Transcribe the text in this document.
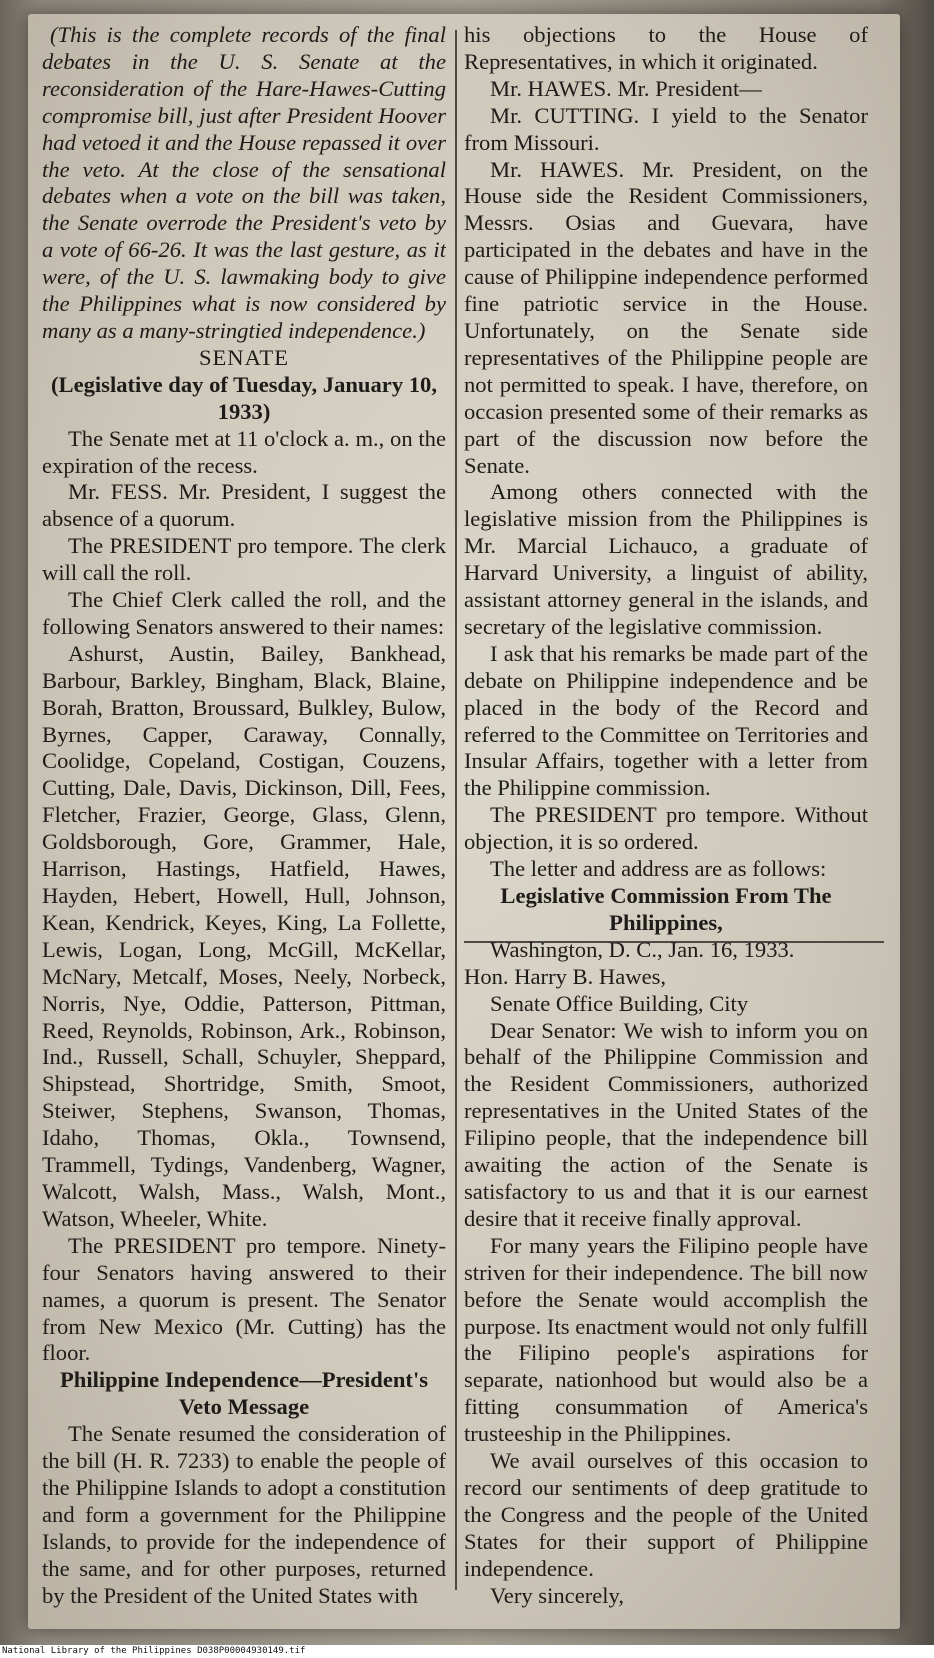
(This is the complete records of the final debates in the U. S. Senate at the reconsideration of the Hare-Hawes-Cutting compromise bill, just after President Hoover had vetoed it and the House repassed it over the veto. At the close of the sensational debates when a vote on the bill was taken, the Senate overrode the President's veto by a vote of 66-26. It was the last gesture, as it were, of the U. S. lawmaking body to give the Philippines what is now considered by many as a many-stringtied independence.)

SENATE

(Legislative day of Tuesday, January 10, 1933)

The Senate met at 11 o'clock a. m., on the expiration of the recess.

Mr. FESS. Mr. President, I suggest the absence of a quorum.

The PRESIDENT pro tempore. The clerk will call the roll.

The Chief Clerk called the roll, and the following Senators answered to their names:

Ashurst, Austin, Bailey, Bankhead, Barbour, Barkley, Bingham, Black, Blaine, Borah, Bratton, Broussard, Bulkley, Bulow, Byrnes, Capper, Caraway, Connally, Coolidge, Copeland, Costigan, Couzens, Cutting, Dale, Davis, Dickinson, Dill, Fees, Fletcher, Frazier, George, Glass, Glenn, Goldsborough, Gore, Grammer, Hale, Harrison, Hastings, Hatfield, Hawes, Hayden, Hebert, Howell, Hull, Johnson, Kean, Kendrick, Keyes, King, La Follette, Lewis, Logan, Long, McGill, McKellar, McNary, Metcalf, Moses, Neely, Norbeck, Norris, Nye, Oddie, Patterson, Pittman, Reed, Reynolds, Robinson, Ark., Robinson, Ind., Russell, Schall, Schuyler, Sheppard, Shipstead, Shortridge, Smith, Smoot, Steiwer, Stephens, Swanson, Thomas, Idaho, Thomas, Okla., Townsend, Trammell, Tydings, Vandenberg, Wagner, Walcott, Walsh, Mass., Walsh, Mont., Watson, Wheeler, White.

The PRESIDENT pro tempore. Ninety-four Senators having answered to their names, a quorum is present. The Senator from New Mexico (Mr. Cutting) has the floor.

Philippine Independence—President's Veto Message

The Senate resumed the consideration of the bill (H. R. 7233) to enable the people of the Philippine Islands to adopt a constitution and form a government for the Philippine Islands, to provide for the independence of the same, and for other purposes, returned by the President of the United States with

his objections to the House of Representatives, in which it originated.

Mr. HAWES. Mr. President—

Mr. CUTTING. I yield to the Senator from Missouri.

Mr. HAWES. Mr. President, on the House side the Resident Commissioners, Messrs. Osias and Guevara, have participated in the debates and have in the cause of Philippine independence performed fine patriotic service in the House. Unfortunately, on the Senate side representatives of the Philippine people are not permitted to speak. I have, therefore, on occasion presented some of their remarks as part of the discussion now before the Senate.

Among others connected with the legislative mission from the Philippines is Mr. Marcial Lichauco, a graduate of Harvard University, a linguist of ability, assistant attorney general in the islands, and secretary of the legislative commission.

I ask that his remarks be made part of the debate on Philippine independence and be placed in the body of the Record and referred to the Committee on Territories and Insular Affairs, together with a letter from the Philippine commission.

The PRESIDENT pro tempore. Without objection, it is so ordered.

The letter and address are as follows:

Legislative Commission From The Philippines,

Washington, D. C., Jan. 16, 1933.

Hon. Harry B. Hawes,

Senate Office Building, City

Dear Senator: We wish to inform you on behalf of the Philippine Commission and the Resident Commissioners, authorized representatives in the United States of the Filipino people, that the independence bill awaiting the action of the Senate is satisfactory to us and that it is our earnest desire that it receive finally approval.

For many years the Filipino people have striven for their independence. The bill now before the Senate would accomplish the purpose. Its enactment would not only fulfill the Filipino people's aspirations for separate, nationhood but would also be a fitting consummation of America's trusteeship in the Philippines.

We avail ourselves of this occasion to record our sentiments of deep gratitude to the Congress and the people of the United States for their support of Philippine independence.

Very sincerely,

National Library of the Philippines D038P00004930149.tif
